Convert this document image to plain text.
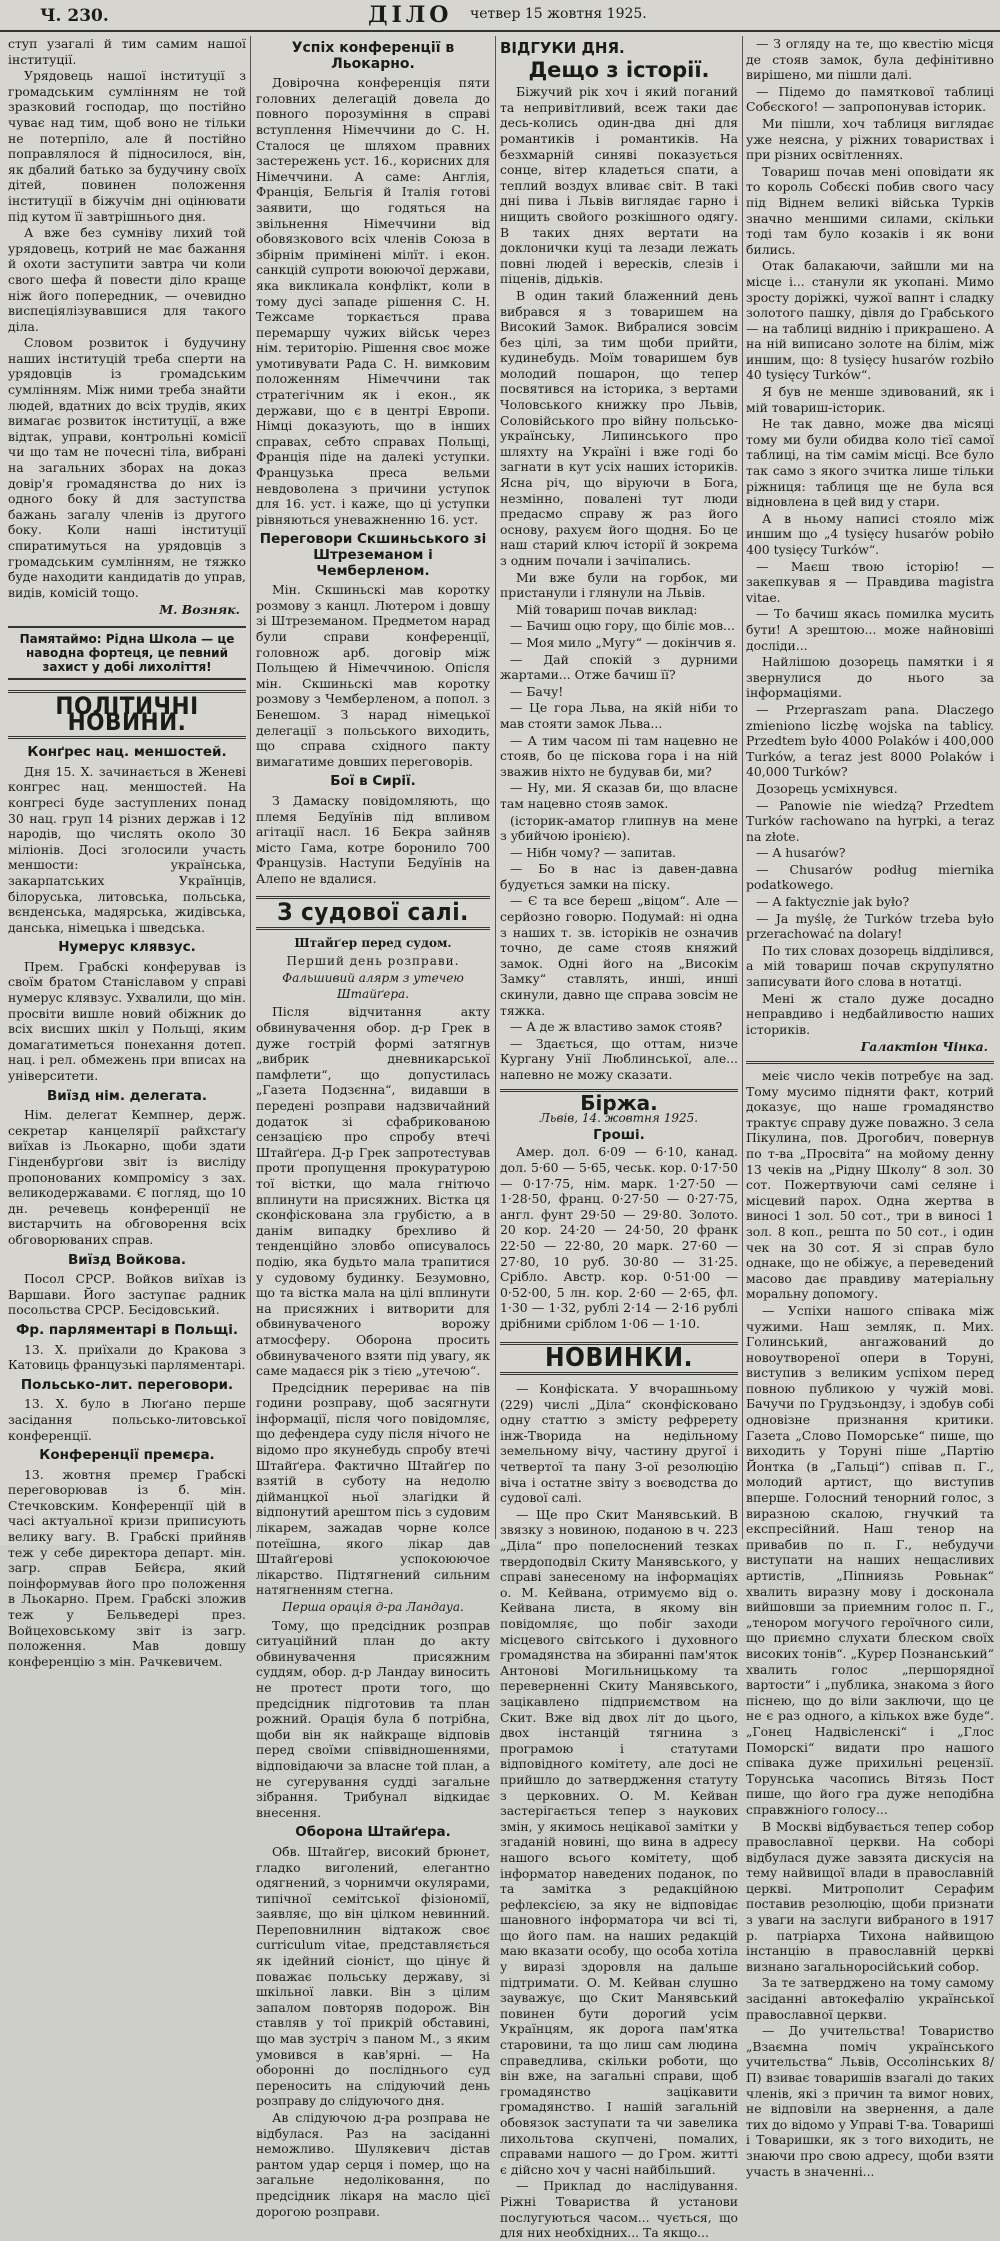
Ч. 230.	ДІЛО четвер 15 жовтня 1925.

ступ узагалі й тим самим нашої інституції.

Урядовець нашої інституції з громадським сумлінням не той зразковий господар, що постійно чуває над тим, щоб воно не тільки не потерпіло, але й постійно поправлялося й підносилося, він, як дбалий батько за будучину своїх дітей, повинен положення інституції в біжучім дні оцінювати під кутом її завтрішнього дня.

А вже без сумніву лихий той урядовець, котрий не має бажання й охоти заступити завтра чи коли свого шефа й повести діло краще ніж його попередник, — очевидно виспеціялізувавшися для такого діла.

Словом розвиток і будучину наших інституцій треба сперти на урядовців із громадським сумлінням. Між ними треба знайти людей, вдатних до всіх трудів, яких вимагає розвиток інституції, а вже відтак, управи, контрольні комісії чи що там не почесні тіла, вибрані на загальних зборах на доказ довір'я громадянства до них із одного боку й для заступства бажань загалу членів із другого боку. Коли наші інституції спиратимуться на урядовців з громадським сумлінням, не тяжко буде находити кандидатів до управ, видів, комісій тощо.

М. Возняк.
Памятаймо: Рідна Школа — це наводна фортеця, це певний захист у добі лихоліття!
ПОЛІТИЧНІ НОВИНИ.
Конґрес нац. меншостей.

Дня 15. X. зачинається в Женеві конгрес нац. меншостей. На конгресі буде заступлених понад 30 нац. груп 14 різних держав і 12 народів, що числять около 30 міліонів. Досі зголосили участь меншости: українська, закарпатських Українців, білоруська, литовська, польська, вєнденська, мадярська, жидівська, данська, німецька і шведська.

Нумерус клявзус.

Прем. Грабскі конферував із своїм братом Станіславом у справі нумерус клявзус. Ухвалили, що мін. просвіти вишле новий обіжник до всіх висших шкіл у Польщі, яким домагатиметься понехання дотеп. нац. і рел. обмежень при вписах на університети.

Виїзд нім. делегата.

Нім. делегат Кемпнер, держ. секретар канцелярії райхстаґу виїхав із Льокарно, щоби здати Гінденбурґови звіт із вислiду пропонованих компромісу з зах. великодержавами. Є погляд, що 10 дн. речевець конференції не вистарчить на обговорення всіх обговорюваних справ.

Виїзд Войкова.

Посол СРСР. Войков виїхав із Варшави. Його заступає радник посольства СРСР. Бесідовський.

Фр. парляментарі в Польщі.

13. X. приїхали до Кракова з Катовиць французькі парляментарі.

Польсько-лит. переговори.

13. X. було в Люґано перше засідання польсько-литовської конференції.

Конференції премєра.

13. жовтня премєр Грабскі переговорював із б. мін. Стечковским. Конференції цій в часі актуальної кризи приписують велику вагу. В. Грабскі прийняв теж у себе директора департ. мін. загр. справ Бейєра, який поінформував його про положення в Льокарно. Прем. Грабскі зложив теж у Бельведері през. Войцеховському звіт із загр. положення. Мав довшу конференцію з мін. Рачкевичем.

Успіх конференції в Льокарно.

Довірочна конференція пяти головних делегацій довела до повного порозуміння в справі вступлення Німеччини до С. Н. Сталося це шляхом правних застережень уст. 16., корисних для Німеччини. А саме: Англія, Франція, Бельгія й Італія готові заявити, що годяться на звільнення Німеччини від обовязкового всіх членів Союза в збірнім примінені мілїт. і екон. санкцій супроти воюючої держави, яка викликала конфлікт, коли в тому дусі западе рішення С. Н. Тежсаме торкається права перемаршу чужих військ через нім. територію. Рішення своє може умотивувати Рада С. Н. вимковим положенням Німеччини так стратегічним як і екон., як держави, що є в центрі Европи. Німці доказують, що в інших справах, себто справах Польщі, Франція піде на далекі уступки. Французька преса вельми невдоволена з причини уступок для 16. уст. і каже, що ці уступки рівняються уневажненню 16. уст.

Переговори Скшиньського зі Штреземаном і Чемберленом.

Мін. Скшиньскі мав коротку розмову з канцл. Лютером і довшу зі Штреземаном. Предметом нарад були справи конференції, головнож арб. договір між Польщею й Німеччиною. Опісля мін. Скшиньскі мав коротку розмову з Чемберленом, а попол. з Бенешом. З нарад німецької делегації з польського виходить, що справа східного пакту вимагатиме довших переговорів.

Бої в Сирії.

З Дамаску повідомляють, що племя Бедуїнів під впливом агітації насл. 16 Бекра зайняв місто Гама, котре боронило 700 Французів. Наступи Бедуїнів на Алепо не вдалися.

З судової салі.
Штайґер перед судом.
Перший день розправи.
Фальшивий алярм з утечею Штайґера.

Після відчитання акту обвинувачення обор. д-р Грек в дуже гострій формі затягнув „вибрик дневникарської памфлети“, що допустилась „Газета Подзєнна“, видавши в передені розправи надзвичайний додаток зі сфабрикованою сензацією про спробу втечі Штайґера. Д-р Грек запротестував проти пропущення прокуратурою тої вістки, що мала гнітючо вплинути на присяжних. Вістка ця сконфіскована зла грубістю, а в данім випадку брехливо й тенденційно зловбо описувалось подію, яка будьто мала трапитися у судовому будинку. Безумовно, що та вістка мала на цілі вплинути на присяжних і витворити для обвинуваченого ворожу атмосферу. Оборона просить обвинуваченого взяти під увагу, як саме мадаєся рік з тією „утечою“.

Предсідник перериває на пів години розправу, щоб засягнути інформації, після чого повідомляє, що дефендера суду після нічого не відомо про якунебудь спробу втечі Штайґера. Фактично Штайґер по взятій в суботу на недолю дійманцкої ньої злагідки й відпонутий арештом пісь з судовим лікарем, зажадав чорне колсе потеїшна, якого лікар дав Штайґерові успокоюючое лікарство. Підтягнений сильним натягненням стегна.

Перша орація д-ра Ландауа.

Тому, що предсідник розправ ситуаційний план до акту обвинувачення присяжним суддям, обор. д-р Ландау виносить не протест проти того, що предсідник підготовив та план рожний. Орація була б потрібна, щоби він як найкраще відповів перед своїми співвідношеннями, відповідаючи за власне той план, а не сугерування судді загальне зібрання. Трибунал відкидає внесення.

Оборона Штайґера.

Обв. Штайґер, високий брюнет, гладко виголений, елегантно одягнений, з чорнимчи окулярами, типічної семітської фізіономії, заявляє, що він цілком невинний. Переповнилнин відтакож своє curriculum vitae, представляється як ідейний сіоніст, що цінує й поважає польську державу, зі шкільної лавки. Він з цілим запалом повторяв подорож. Він ставляв у тої прикрій обставині, що мав зустріч з паном М., з яким умовився в кав'ярні. — На оборонні до посліднього суд переносить на слідуючий день розправу до слідуючого дня.

Ав слідуючою д-ра розправа не відбулася. Раз на засіданні неможливо. Шулякевич дістав рантом удар серця і помер, що на загальне недоліковання, по предсідник лікаря на масло цієї дорогою розправи.

ВІДГУКИ ДНЯ.
Дещо з історії.

Біжучий рік хоч і який поганий та непривітливий, всеж таки дає десь-колись один-два дні для романтиків і романтиків. На безхмарній синяві показується сонце, вітер кладеться спати, а теплий воздух вливає світ. В такі дні пива і Львів виглядає гарно і нищить свойого розкішного одягу. В таких днях вертати на доклонички куці та лезади лежать повні людей і вересків, слезів і піценів, дідьків.

В один такий блаженний день вибрався я з товаришем на Високий Замок. Вибралися зовсім без цілі, за тим щоби прийти, кудинебудь. Моїм товаришем був молодий пошарон, що тепер посвятився на історика, з вертами Чоловського книжку про Львів, Соловійського про війну польсько-українську, Липинського про шляхту на Україні і вже годі бо загнати в кут усіх наших істориків. Ясна річ, що віруючи в Бога, незмінно, повалені тут люди предасмо справу ж раз його основу, рахуєм його щодня. Бо це наш старий ключ історії й зокрема з одним почали і зачіпались.

Ми вже були на горбок, ми пристанули і глянули на Львів.

Мій товариш почав виклад:

— Бачиш оцю гору, що біліє мов...

— Моя мило „Мугу“ — докінчив я.

— Дай спокій з дурними жартами... Отже бачиш її?

— Бачу!

— Це гора Льва, на якій ніби то мав стояти замок Льва...

— А тим часом пі там нацевно не стояв, бо це піскова гора і на ній зважив ніхто не будував би, ми?

— Ну, ми. Я сказав би, що власне там нацевно стояв замок.

(історик-аматор глипнув на мене з убийчою іронією).

— Нібн чому? — запитав.

— Бо в нас із давен-давна будується замки на піску.

— Є та все береш „віцом“. Але — серйозно говорю. Подумай: ні одна з наших т. зв. історіків не означив точно, де саме стояв княжий замок. Одні його на „Високім Замку“ ставлять, инші, инші скинули, давно ще справа зовсім не тяжка.

— А де ж властиво замок стояв?

— Здається, що оттам, низче Кургану Унії Люблинської, але... напевно не можу сказати.

Біржа.
Львів, 14. жовтня 1925.
Гроші.

Амер. дол. 6·09 — 6·10, канад. дол. 5·60 — 5·65, чеськ. кор. 0·17·50 — 0·17·75, нім. марк. 1·27·50 — 1·28·50, франц. 0·27·50 — 0·27·75, англ. фунт 29·50 — 29·80. Золото. 20 кор. 24·20 — 24·50, 20 франк 22·50 — 22·80, 20 марк. 27·60 — 27·80, 10 руб. 30·80 — 31·25. Срібло. Австр. кор. 0·51·00 — 0·52·00, 5 лн. кор. 2·60 — 2·65, фл. 1·30 — 1·32, рублі 2·14 — 2·16 рублі дрібними сріблом 1·06 — 1·10.

НОВИНКИ.

— Конфіската. У вчорашньому (229) числі „Діла“ сконфісковано одну статтю з змісту рефререту інж-Творида на недільному земельному вічу, частину другої і четвертої та пану 3-ої резолюцію віча і остатне звіту з воєводства до судової салі.

— Ще про Скит Манявський. В звязку з новиною, поданою в ч. 223 „Діла“ про попелоснений тезках твердоподвіл Скиту Манявського, у справі занесеному на інформаціях о. М. Кейвана, отримуємо від о. Кейвана листа, в якому він повідомляє, що побіг заходи місцевого світського і духовного громадянства на збиранні пам'яток Антонові Могильницькому та переверненні Скиту Манявського, зацікавлено підприємством на Скит. Вже від двох літ до цього, двох інстанцій тягнина з програмою і статутами відповідного комітету, але досі не прийшло до затвердження статуту з церковних. О. М. Кейван застерігається тепер з наукових змін, у якимось нецікавої замітки у згаданій новині, що вина в адресу нашого всього комітету, щоб інформатор наведених поданок, по та замітка з редакційною рефлексією, за яку не відповідає шановного інформатора чи всі ті, що його пам. на наших редакцій маю вказати особу, що особа хотіла у виразі здоровля на дальше підтримати. О. М. Кейван слушно зауважує, що Скит Манявський повинен бути дорогий усім Українцям, як дорога пам'ятка старовини, та що лиш сам людина справедлива, скільки роботи, що він вже, на загальні справи, щоб громадянство зацікавити громадянство. І нашій загальній обовязок заступати та чи завелика лихольтова скупчені, помалих, справами нашого — до Гром. житті є дійсно хоч у часні найбільший.

— Приклад до наслідування. Ріжні Товариства й установи послугуються часом... чується, що для них необхідних... Та якщо...

— З огляду на те, що квестію місця де стояв замок, була дефінітивно вирішено, ми пішли далі.

— Підемо до памяткової таблиці Собєского! — запропонував історик.

Ми пішли, хоч таблиця виглядає уже неясна, у ріжних товариствах і при різних освітленнях.

Товариш почав мені оповідати як то король Собєскі побив свого часу під Віднем великі війська Турків значно меншими силами, скільки тоді там було козаків і як вони бились.

Отак балакаючи, зайшли ми на місце і... станули як укопані. Мимо зросту доріжкі, чужої вапнт і сладку золотого пашку, дівля до Грабського — на таблиці виднію і прикрашено. А на ній виписано золоте на білім, між иншим, що: 8 tysięcy husarów rozbiło 40 tysięcy Turków“.

Я був не менше здивований, як і мій товариш-історик.

Не так давно, може два місяці тому ми були обидва коло тієї самої таблиці, на тім самім місці. Все було так само з якого зчитка лише тільки ріжниця: таблиця ще не була вся відновлена в цей вид у стари.

А в ньому написі стояло між иншим що „4 tysięcy husarów pobiło 400 tysięcy Turków“.

— Маєш твою історію! — закепкував я — Правдива magistra vitae.

— То бачиш якась помилка мусить бути! А зрештою... може найновіші досліди...

Найлішою дозорець памятки і я звернулися до нього за інформаціями.

— Przepraszam pana. Dlaczego zmieniono liczbę wojska na tablicy. Przedtem było 4000 Polaków i 400,000 Turków, a teraz jest 8000 Polaków i 40,000 Turków?

Дозорець усміхнувся.

— Panowie nie wiedzą? Przedtem Turków rachowano na hyrpki, a teraz na złote.

— A husarów?

— Chusarów podług miernika podatkowego.

— A faktycznie jak było?

— Ja myślę, że Turków trzeba było przerachować na dolary!

По тих словах дозорець відділився, а мій товариш почав скрупулятно записувати його слова в нотатці.

Мені ж стало дуже досадно неправдиво і недбайливостю наших істориків.

Галактіон Чінка.

меіє число чеків потребує на зад. Тому мусимо підняти факт, котрий доказує, що наше громадянство трактує справу дуже поважно. З села Пікулина, пов. Дрогобич, повернув по т-ва „Просвіта“ на мойому денну 13 чеків на „Рідну Школу“ 8 зол. 30 сот. Пожертвуючи самі селяне і місцевий парох. Одна жертва в виносі 1 зол. 50 сот., три в виносі 1 зол. 8 коп., решта по 50 сот., і один чек на 30 сот. Я зі справ було однаке, що не обіжує, а переведений масово дає правдиву матеріальну моральну допомогу.

— Успіхи нашого співака між чужими. Наш земляк, п. Мих. Голинський, ангажований до новоутвореної опери в Торуні, виступив з великим успіхом перед повною публикою у чужій мові. Бачучи по Грудзьондзу, і здобув собі одновізне признання критики. Газета „Слово Поморське“ пише, що виходить у Торуні піше „Партію Йонтка (в „Гальці“) співав п. Г., молодий артист, що виступив вперше. Голосний тенорний голос, з виразною скалою, гнучкий та експресійний. Наш тенор на привабив по п. Г., небудучи виступати на наших нещасливих артистів, „Піпниязь Ровьнак“ хвалить виразну мову і досконала вийшовши за приемним голос п. Г., „тенором могучого героїчного сили, що приємно слухати блеском своїх високих тонів“. „Курєр Познанський“ хвалить голос „першорядної вартости“ і „публика, знакома з його піснею, що до віли заключи, що це не є раз одного, а кількох вже буде“. „Гонец Надвісленскі“ і „Глос Поморскі“ видати про нашого співака дуже прихильні рецензії. Торунська часопись Вітязь Пост пише, що його гра дуже неподібна справжніого голосу...

В Москві відбувається тепер собор православної церкви. На соборі відбулася дуже завзята дискусія на тему найвищої влади в православній церкві. Митрополит Серафим поставив резолюцію, щоби признати з уваги на заслуги вибраного в 1917 р. патріарха Тихона найвищою інстанцію в православній церкві визнано загальноросійський собор.

За те затверджено на тому самому засіданні автокефалію української православної церкви.

— До учительства! Товариство „Взаємна поміч українського учительства“ Львів, Оссолінських 8/П) взиває товаришів взагалі до таких членів, які з причин та вимог нових, не відповіли на звернення, а дале тих до відомо у Управі Т-ва. Товариші і Товаришки, як з того виходить, не знаючи про свою адресу, щоби взяти участь в значенні...
